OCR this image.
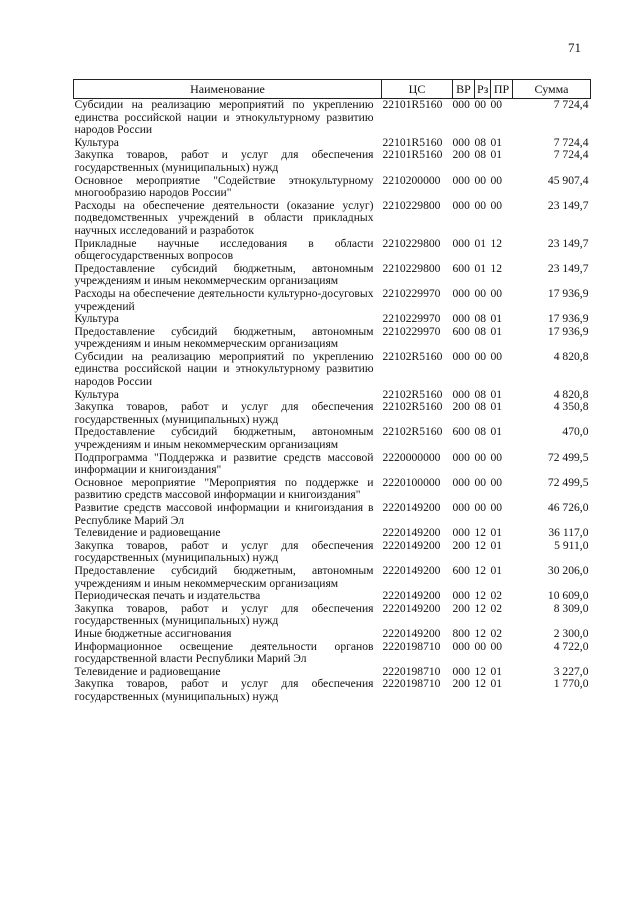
71
Наименование	ЦС	ВР	Рз	ПР	Сумма
Субсидии на реализацию мероприятий по укреплению единства российской нации и этнокультурному развитию народов России	22101R5160	000	00	00	7 724,4
Культура	22101R5160	000	08	01	7 724,4
Закупка товаров, работ и услуг для обеспечения государственных (муниципальных) нужд	22101R5160	200	08	01	7 724,4
Основное мероприятие "Содействие этнокультурному многообразию народов России"	2210200000	000	00	00	45 907,4
Расходы на обеспечение деятельности (оказание услуг) подведомственных учреждений в области прикладных научных исследований и разработок	2210229800	000	00	00	23 149,7
Прикладные научные исследования в области общегосударственных вопросов	2210229800	000	01	12	23 149,7
Предоставление субсидий бюджетным, автономным учреждениям и иным некоммерческим организациям	2210229800	600	01	12	23 149,7
Расходы на обеспечение деятельности культурно-досуговых учреждений	2210229970	000	00	00	17 936,9
Культура	2210229970	000	08	01	17 936,9
Предоставление субсидий бюджетным, автономным учреждениям и иным некоммерческим организациям	2210229970	600	08	01	17 936,9
Субсидии на реализацию мероприятий по укреплению единства российской нации и этнокультурному развитию народов России	22102R5160	000	00	00	4 820,8
Культура	22102R5160	000	08	01	4 820,8
Закупка товаров, работ и услуг для обеспечения государственных (муниципальных) нужд	22102R5160	200	08	01	4 350,8
Предоставление субсидий бюджетным, автономным учреждениям и иным некоммерческим организациям	22102R5160	600	08	01	470,0
Подпрограмма "Поддержка и развитие средств массовой информации и книгоиздания"	2220000000	000	00	00	72 499,5
Основное мероприятие "Мероприятия по поддержке и развитию средств массовой информации и книгоиздания"	2220100000	000	00	00	72 499,5
Развитие средств массовой информации и книгоиздания в Республике Марий Эл	2220149200	000	00	00	46 726,0
Телевидение и радиовещание	2220149200	000	12	01	36 117,0
Закупка товаров, работ и услуг для обеспечения государственных (муниципальных) нужд	2220149200	200	12	01	5 911,0
Предоставление субсидий бюджетным, автономным учреждениям и иным некоммерческим организациям	2220149200	600	12	01	30 206,0
Периодическая печать и издательства	2220149200	000	12	02	10 609,0
Закупка товаров, работ и услуг для обеспечения государственных (муниципальных) нужд	2220149200	200	12	02	8 309,0
Иные бюджетные ассигнования	2220149200	800	12	02	2 300,0
Информационное освещение деятельности органов государственной власти Республики Марий Эл	2220198710	000	00	00	4 722,0
Телевидение и радиовещание	2220198710	000	12	01	3 227,0
Закупка товаров, работ и услуг для обеспечения государственных (муниципальных) нужд	2220198710	200	12	01	1 770,0
